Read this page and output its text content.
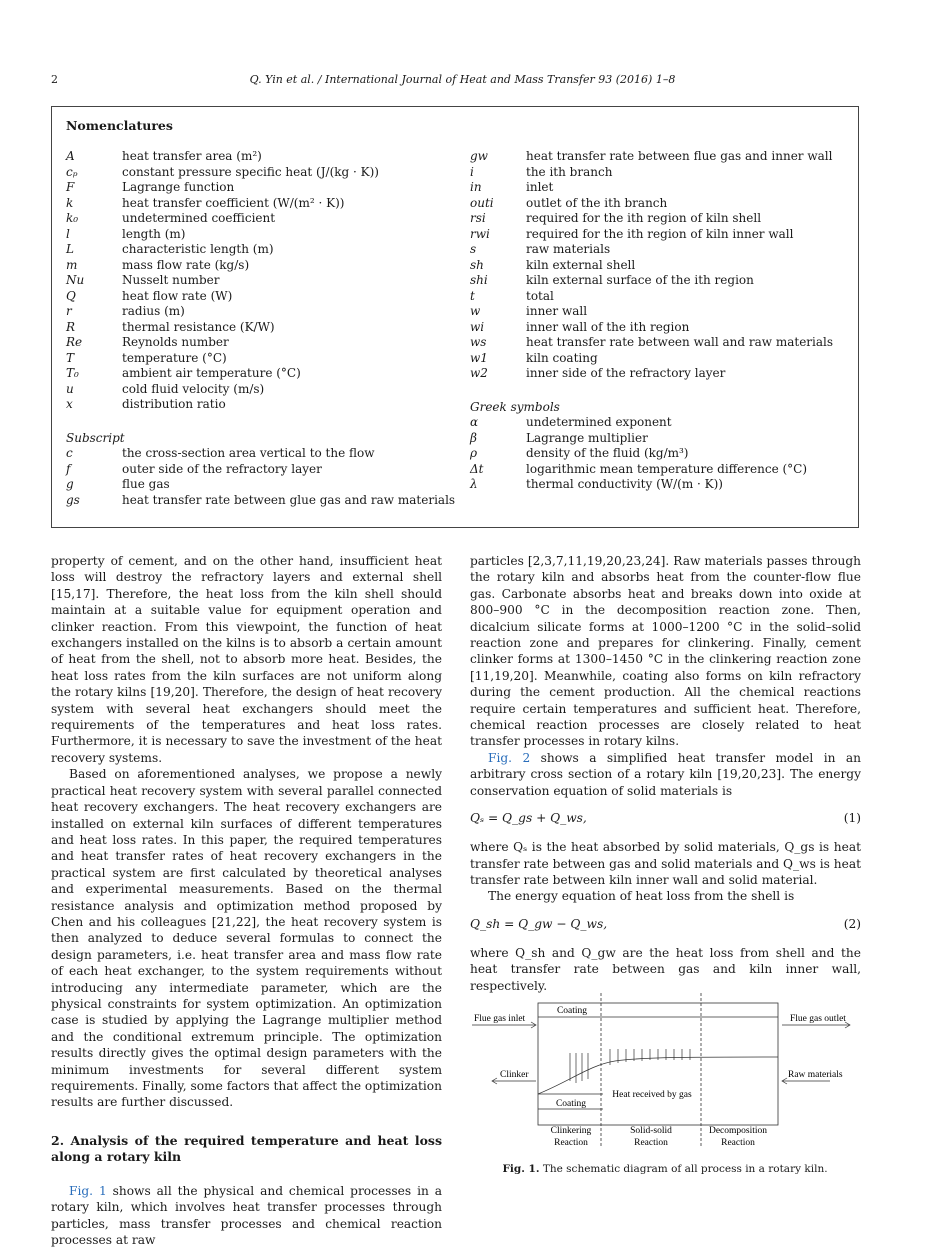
2	Q. Yin et al. / International Journal of Heat and Mass Transfer 93 (2016) 1–8
Nomenclatures
A	heat transfer area (m²)
cₚ	constant pressure specific heat (J/(kg · K))
F	Lagrange function
k	heat transfer coefficient (W/(m² · K))
k₀	undetermined coefficient
l	length (m)
L	characteristic length (m)
m	mass flow rate (kg/s)
Nu	Nusselt number
Q	heat flow rate (W)
r	radius (m)
R	thermal resistance (K/W)
Re	Reynolds number
T	temperature (°C)
T₀	ambient air temperature (°C)
u	cold fluid velocity (m/s)
x	distribution ratio
Subscript
c	the cross-section area vertical to the flow
f	outer side of the refractory layer
g	flue gas
gs	heat transfer rate between glue gas and raw materials
gw	heat transfer rate between flue gas and inner wall
i	the ith branch
in	inlet
outi	outlet of the ith branch
rsi	required for the ith region of kiln shell
rwi	required for the ith region of kiln inner wall
s	raw materials
sh	kiln external shell
shi	kiln external surface of the ith region
t	total
w	inner wall
wi	inner wall of the ith region
ws	heat transfer rate between wall and raw materials
w1	kiln coating
w2	inner side of the refractory layer
Greek symbols
α	undetermined exponent
β	Lagrange multiplier
ρ	density of the fluid (kg/m³)
Δt	logarithmic mean temperature difference (°C)
λ	thermal conductivity (W/(m · K))

property of cement, and on the other hand, insufficient heat loss will destroy the refractory layers and external shell [15,17]. Therefore, the heat loss from the kiln shell should maintain at a suitable value for equipment operation and clinker reaction. From this viewpoint, the function of heat exchangers installed on the kilns is to absorb a certain amount of heat from the shell, not to absorb more heat. Besides, the heat loss rates from the kiln surfaces are not uniform along the rotary kilns [19,20]. Therefore, the design of heat recovery system with several heat exchangers should meet the requirements of the temperatures and heat loss rates. Furthermore, it is necessary to save the investment of the heat recovery systems.

Based on aforementioned analyses, we propose a newly practical heat recovery system with several parallel connected heat recovery exchangers. The heat recovery exchangers are installed on external kiln surfaces of different temperatures and heat loss rates. In this paper, the required temperatures and heat transfer rates of heat recovery exchangers in the practical system are first calculated by theoretical analyses and experimental measurements. Based on the thermal resistance analysis and optimization method proposed by Chen and his colleagues [21,22], the heat recovery system is then analyzed to deduce several formulas to connect the design parameters, i.e. heat transfer area and mass flow rate of each heat exchanger, to the system requirements without introducing any intermediate parameter, which are the physical constraints for system optimization. An optimization case is studied by applying the Lagrange multiplier method and the conditional extremum principle. The optimization results directly gives the optimal design parameters with the minimum investments for several different system requirements. Finally, some factors that affect the optimization results are further discussed.

2. Analysis of the required temperature and heat loss along a rotary kiln

Fig. 1 shows all the physical and chemical processes in a rotary kiln, which involves heat transfer processes through particles, mass transfer processes and chemical reaction processes at raw

particles [2,3,7,11,19,20,23,24]. Raw materials passes through the rotary kiln and absorbs heat from the counter-flow flue gas. Carbonate absorbs heat and breaks down into oxide at 800–900 °C in the decomposition reaction zone. Then, dicalcium silicate forms at 1000–1200 °C in the solid–solid reaction zone and prepares for clinkering. Finally, cement clinker forms at 1300–1450 °C in the clinkering reaction zone [11,19,20]. Meanwhile, coating also forms on kiln refractory during the cement production. All the chemical reactions require certain temperatures and sufficient heat. Therefore, chemical reaction processes are closely related to heat transfer processes in rotary kilns.

Fig. 2 shows a simplified heat transfer model in an arbitrary cross section of a rotary kiln [19,20,23]. The energy conservation equation of solid materials is

Qₛ = Q_gs + Q_ws,	(1)

where Qₛ is the heat absorbed by solid materials, Q_gs is heat transfer rate between gas and solid materials and Q_ws is heat transfer rate between kiln inner wall and solid material.

The energy equation of heat loss from the shell is

Q_sh = Q_gw − Q_ws,	(2)

where Q_sh and Q_gw are the heat loss from shell and the heat transfer rate between gas and kiln inner wall, respectively.

Coating
Flue gas inlet	Flue gas outlet
Clinker	Raw materials
Heat received by gas
Coating
Clinkering
Reaction
Solid-solid
Reaction
Decomposition
Reaction
Fig. 1. The schematic diagram of all process in a rotary kiln.
